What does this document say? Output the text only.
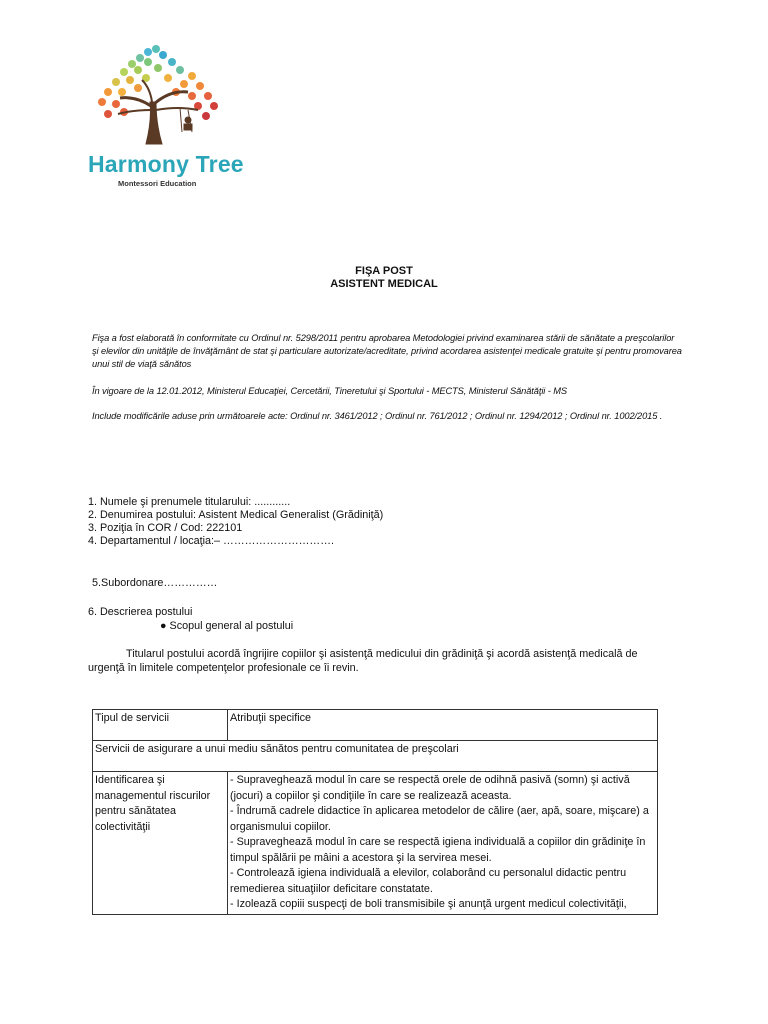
Harmony Tree
Montessori Education
FIŞA POST
ASISTENT MEDICAL
Fişa a fost elaborată în conformitate cu Ordinul nr. 5298/2011 pentru aprobarea Metodologiei privind examinarea stării de sănătate a preşcolarilor şi elevilor din unităţile de învăţământ de stat şi particulare autorizate/acreditate, privind acordarea asistenţei medicale gratuite şi pentru promovarea unui stil de viaţă sănătos
În vigoare de la 12.01.2012, Ministerul Educaţiei, Cercetării, Tineretului şi Sportului - MECTS, Ministerul Sănătăţii - MS
Include modificările aduse prin următoarele acte: Ordinul nr. 3461/2012 ; Ordinul nr. 761/2012 ; Ordinul nr. 1294/2012 ; Ordinul nr. 1002/2015 .
1. Numele şi prenumele titularului: ............
2. Denumirea postului: Asistent Medical Generalist (Grădiniţă)
3. Poziţia în COR / Cod: 222101
4. Departamentul / locaţia:– ………………………….
5.Subordonare……………
6. Descrierea postului
● Scopul general al postului
Titularul postului acordă îngrijire copiilor şi asistenţă medicului din grădiniţă şi acordă asistenţă medicală de urgenţă în limitele competenţelor profesionale ce îi revin.
Tipul de servicii	Atribuţii specifice
Servicii de asigurare a unui mediu sănătos pentru comunitatea de preşcolari	
Identificarea şi managementul riscurilor pentru sănătatea colectivităţii	- Supraveghează modul în care se respectă orele de odihnă pasivă (somn) şi activă (jocuri) a copiilor şi condiţiile în care se realizează aceasta.
- Îndrumă cadrele didactice în aplicarea metodelor de călire (aer, apă, soare, mişcare) a organismului copiilor.
- Supraveghează modul în care se respectă igiena individuală a copiilor din grădiniţe în timpul spălării pe mâini a acestora şi la servirea mesei.
- Controlează igiena individuală a elevilor, colaborând cu personalul didactic pentru remedierea situaţiilor deficitare constatate.
- Izolează copiii suspecţi de boli transmisibile şi anunţă urgent medicul colectivităţii,
